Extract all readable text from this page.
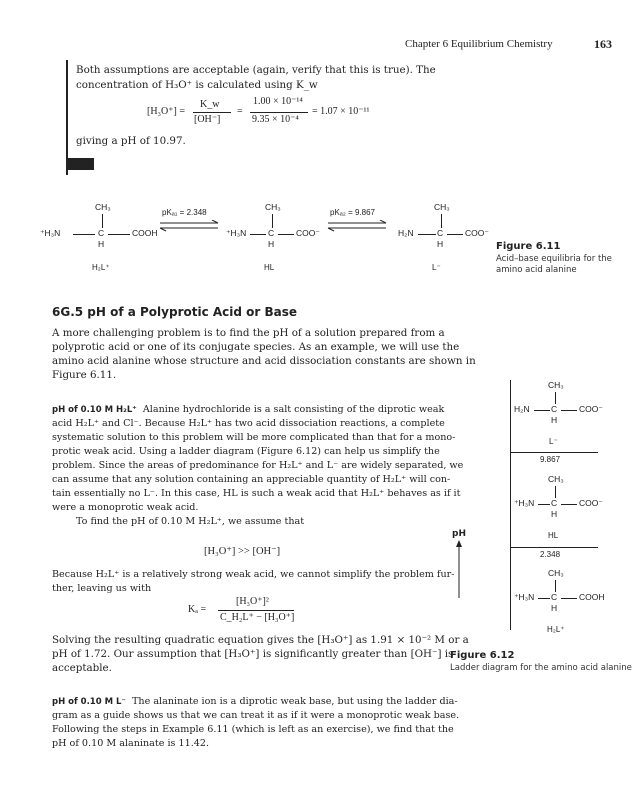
Chapter 6 Equilibrium Chemistry	163
Both assumptions are acceptable (again, verify that this is true). The
concentration of H₃O⁺ is calculated using K_w
[H₃O⁺] =
K_w
[OH⁻]
=
1.00 × 10⁻¹⁴
9.35 × 10⁻⁴
= 1.07 × 10⁻¹¹
giving a pH of 10.97.
CH₃
⁺H₃N	C	COOH
H
H₂L⁺
pKₐ₁ = 2.348
CH₃
⁺H₃N	C	COO⁻
H
HL
pKₐ₂ = 9.867
CH₃
H₂N	C	COO⁻
H
L⁻
Figure 6.11
Acid–base equilibria for the
amino acid alanine
6G.5 pH of a Polyprotic Acid or Base
A more challenging problem is to find the pH of a solution prepared from a
polyprotic acid or one of its conjugate species. As an example, we will use the
amino acid alanine whose structure and acid dissociation constants are shown in
Figure 6.11.
pH of 0.10 M H₂L⁺ Alanine hydrochloride is a salt consisting of the diprotic weak
acid H₂L⁺ and Cl⁻. Because H₂L⁺ has two acid dissociation reactions, a complete
systematic solution to this problem will be more complicated than that for a mono-
protic weak acid. Using a ladder diagram (Figure 6.12) can help us simplify the
problem. Since the areas of predominance for H₂L⁺ and L⁻ are widely separated, we
can assume that any solution containing an appreciable quantity of H₂L⁺ will con-
tain essentially no L⁻. In this case, HL is such a weak acid that H₂L⁺ behaves as if it
were a monoprotic weak acid.
To find the pH of 0.10 M H₂L⁺, we assume that
[H₃O⁺] >> [OH⁻]
Because H₂L⁺ is a relatively strong weak acid, we cannot simplify the problem fur-
ther, leaving us with
Kₐ =
[H₃O⁺]²
C_H₂L⁺ − [H₃O⁺]
Solving the resulting quadratic equation gives the [H₃O⁺] as 1.91 × 10⁻² M or a
pH of 1.72. Our assumption that [H₃O⁺] is significantly greater than [OH⁻] is
acceptable.
pH of 0.10 M L⁻ The alaninate ion is a diprotic weak base, but using the ladder dia-
gram as a guide shows us that we can treat it as if it were a monoprotic weak base.
Following the steps in Example 6.11 (which is left as an exercise), we find that the
pH of 0.10 M alaninate is 11.42.
pH
CH₃
H₂N	C	COO⁻
H
L⁻
9.867
CH₃
⁺H₃N C	COO⁻
H
HL
2.348
CH₃
⁺H₃N C	COOH
H
H₂L⁺
Figure 6.12
Ladder diagram for the amino acid alanine
